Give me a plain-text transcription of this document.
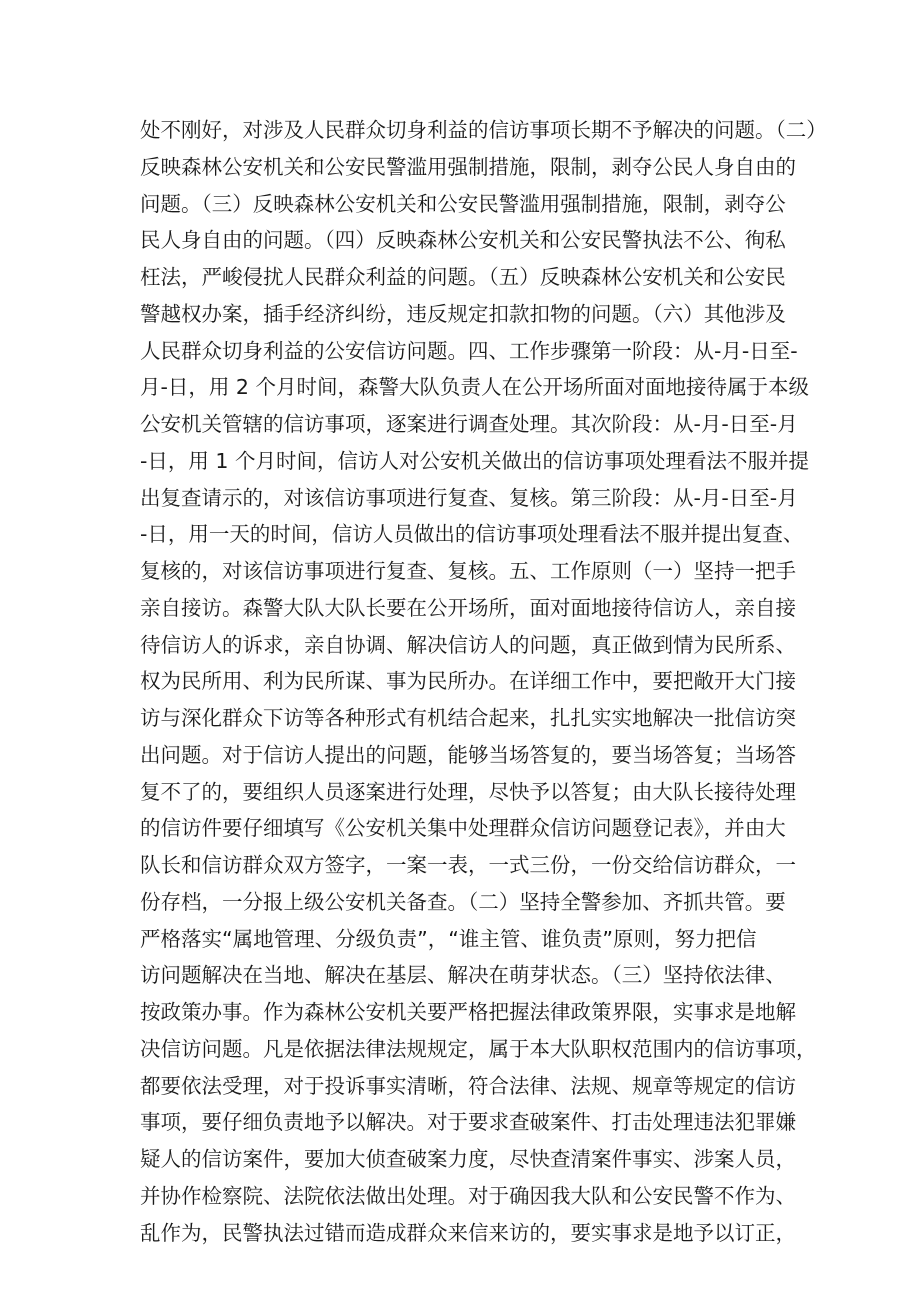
处不刚好，对涉及人民群众切身利益的信访事项长期不予解决的问题。（二）
反映森林公安机关和公安民警滥用强制措施，限制，剥夺公民人身自由的
问题。（三）反映森林公安机关和公安民警滥用强制措施，限制，剥夺公
民人身自由的问题。（四）反映森林公安机关和公安民警执法不公、徇私
枉法，严峻侵扰人民群众利益的问题。（五）反映森林公安机关和公安民
警越权办案，插手经济纠纷，违反规定扣款扣物的问题。（六）其他涉及
人民群众切身利益的公安信访问题。四、工作步骤第一阶段：从-月-日至-
月-日，用 2 个月时间，森警大队负责人在公开场所面对面地接待属于本级
公安机关管辖的信访事项，逐案进行调查处理。其次阶段：从-月-日至-月
-日，用 1 个月时间，信访人对公安机关做出的信访事项处理看法不服并提
出复查请示的，对该信访事项进行复查、复核。第三阶段：从-月-日至-月
-日，用一天的时间，信访人员做出的信访事项处理看法不服并提出复查、
复核的，对该信访事项进行复查、复核。五、工作原则（一）坚持一把手
亲自接访。森警大队大队长要在公开场所，面对面地接待信访人，亲自接
待信访人的诉求，亲自协调、解决信访人的问题，真正做到情为民所系、
权为民所用、利为民所谋、事为民所办。在详细工作中，要把敞开大门接
访与深化群众下访等各种形式有机结合起来，扎扎实实地解决一批信访突
出问题。对于信访人提出的问题，能够当场答复的，要当场答复；当场答
复不了的，要组织人员逐案进行处理，尽快予以答复；由大队长接待处理
的信访件要仔细填写《公安机关集中处理群众信访问题登记表》，并由大
队长和信访群众双方签字，一案一表，一式三份，一份交给信访群众，一
份存档，一分报上级公安机关备查。（二）坚持全警参加、齐抓共管。要
严格落实“属地管理、分级负责”，“谁主管、谁负责”原则，努力把信
访问题解决在当地、解决在基层、解决在萌芽状态。（三）坚持依法律、
按政策办事。作为森林公安机关要严格把握法律政策界限，实事求是地解
决信访问题。凡是依据法律法规规定，属于本大队职权范围内的信访事项，
都要依法受理，对于投诉事实清晰，符合法律、法规、规章等规定的信访
事项，要仔细负责地予以解决。对于要求查破案件、打击处理违法犯罪嫌
疑人的信访案件，要加大侦查破案力度，尽快查清案件事实、涉案人员，
并协作检察院、法院依法做出处理。对于确因我大队和公安民警不作为、
乱作为，民警执法过错而造成群众来信来访的，要实事求是地予以订正，
